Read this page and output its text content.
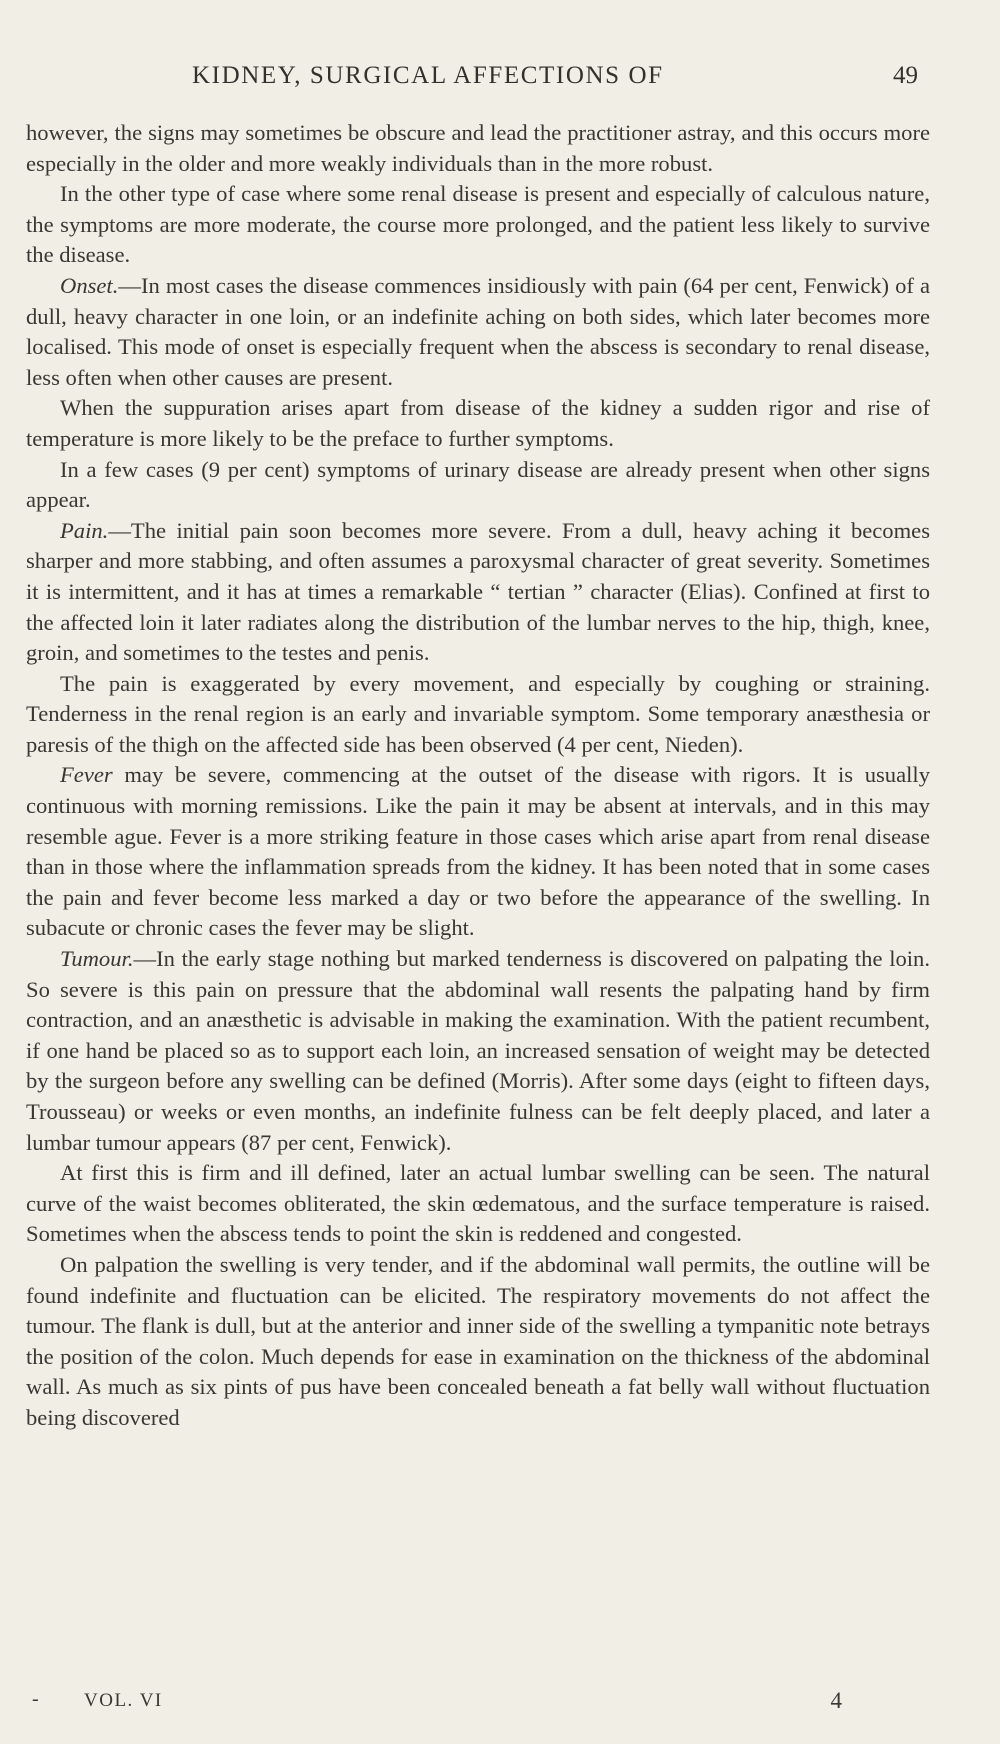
KIDNEY, SURGICAL AFFECTIONS OF	49

however, the signs may sometimes be obscure and lead the practitioner astray, and this occurs more especially in the older and more weakly individuals than in the more robust.

In the other type of case where some renal disease is present and especially of calculous nature, the symptoms are more moderate, the course more prolonged, and the patient less likely to survive the disease.

Onset.—In most cases the disease commences insidiously with pain (64 per cent, Fenwick) of a dull, heavy character in one loin, or an indefinite aching on both sides, which later becomes more localised. This mode of onset is especially frequent when the abscess is secondary to renal disease, less often when other causes are present.

When the suppuration arises apart from disease of the kidney a sudden rigor and rise of temperature is more likely to be the preface to further symptoms.

In a few cases (9 per cent) symptoms of urinary disease are already present when other signs appear.

Pain.—The initial pain soon becomes more severe. From a dull, heavy aching it becomes sharper and more stabbing, and often assumes a paroxysmal character of great severity. Sometimes it is intermittent, and it has at times a remarkable “ tertian ” character (Elias). Confined at first to the affected loin it later radiates along the distribution of the lumbar nerves to the hip, thigh, knee, groin, and sometimes to the testes and penis.

The pain is exaggerated by every movement, and especially by coughing or straining. Tenderness in the renal region is an early and invariable symptom. Some temporary anæsthesia or paresis of the thigh on the affected side has been observed (4 per cent, Nieden).

Fever may be severe, commencing at the outset of the disease with rigors. It is usually continuous with morning remissions. Like the pain it may be absent at intervals, and in this may resemble ague. Fever is a more striking feature in those cases which arise apart from renal disease than in those where the inflammation spreads from the kidney. It has been noted that in some cases the pain and fever become less marked a day or two before the appearance of the swelling. In subacute or chronic cases the fever may be slight.

Tumour.—In the early stage nothing but marked tenderness is discovered on palpating the loin. So severe is this pain on pressure that the abdominal wall resents the palpating hand by firm contraction, and an anæsthetic is advisable in making the examination. With the patient recumbent, if one hand be placed so as to support each loin, an increased sensation of weight may be detected by the surgeon before any swelling can be defined (Morris). After some days (eight to fifteen days, Trousseau) or weeks or even months, an indefinite fulness can be felt deeply placed, and later a lumbar tumour appears (87 per cent, Fenwick).

At first this is firm and ill defined, later an actual lumbar swelling can be seen. The natural curve of the waist becomes obliterated, the skin œdematous, and the surface temperature is raised. Sometimes when the abscess tends to point the skin is reddened and congested.

On palpation the swelling is very tender, and if the abdominal wall permits, the outline will be found indefinite and fluctuation can be elicited. The respiratory movements do not affect the tumour. The flank is dull, but at the anterior and inner side of the swelling a tympanitic note betrays the position of the colon. Much depends for ease in examination on the thickness of the abdominal wall. As much as six pints of pus have been concealed beneath a fat belly wall without fluctuation being discovered

- VOL. VI	4
